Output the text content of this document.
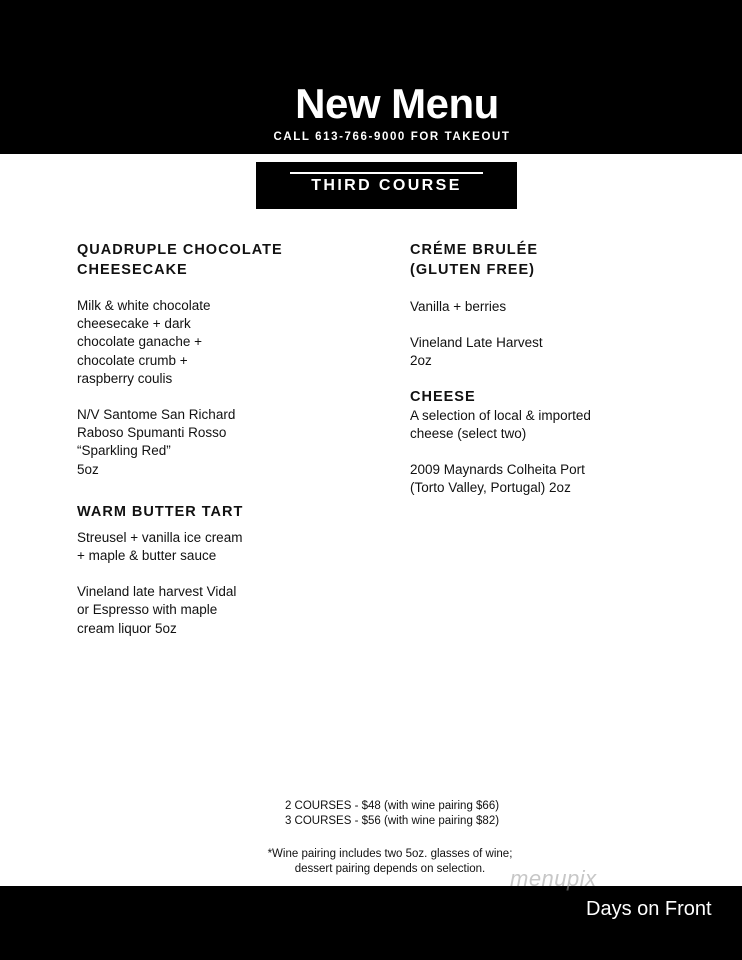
New Menu
CALL 613-766-9000 FOR TAKEOUT
THIRD COURSE

QUADRUPLE CHOCOLATE

CHEESECAKE

Milk & white chocolate

cheesecake + dark

chocolate ganache +

chocolate crumb +

raspberry coulis

N/V Santome San Richard

Raboso Spumanti Rosso

“Sparkling Red”

5oz

WARM BUTTER TART

Streusel + vanilla ice cream

+ maple & butter sauce

Vineland late harvest Vidal

or Espresso with maple

cream liquor 5oz

CRÉME BRULÉE

(GLUTEN FREE)

Vanilla + berries

Vineland Late Harvest

2oz

CHEESE

A selection of local & imported

cheese (select two)

2009 Maynards Colheita Port

(Torto Valley, Portugal) 2oz

2 COURSES - $48 (with wine pairing $66)
3 COURSES - $56 (with wine pairing $82)
*Wine pairing includes two 5oz. glasses of wine;
dessert pairing depends on selection.	menupix
Days on Front
